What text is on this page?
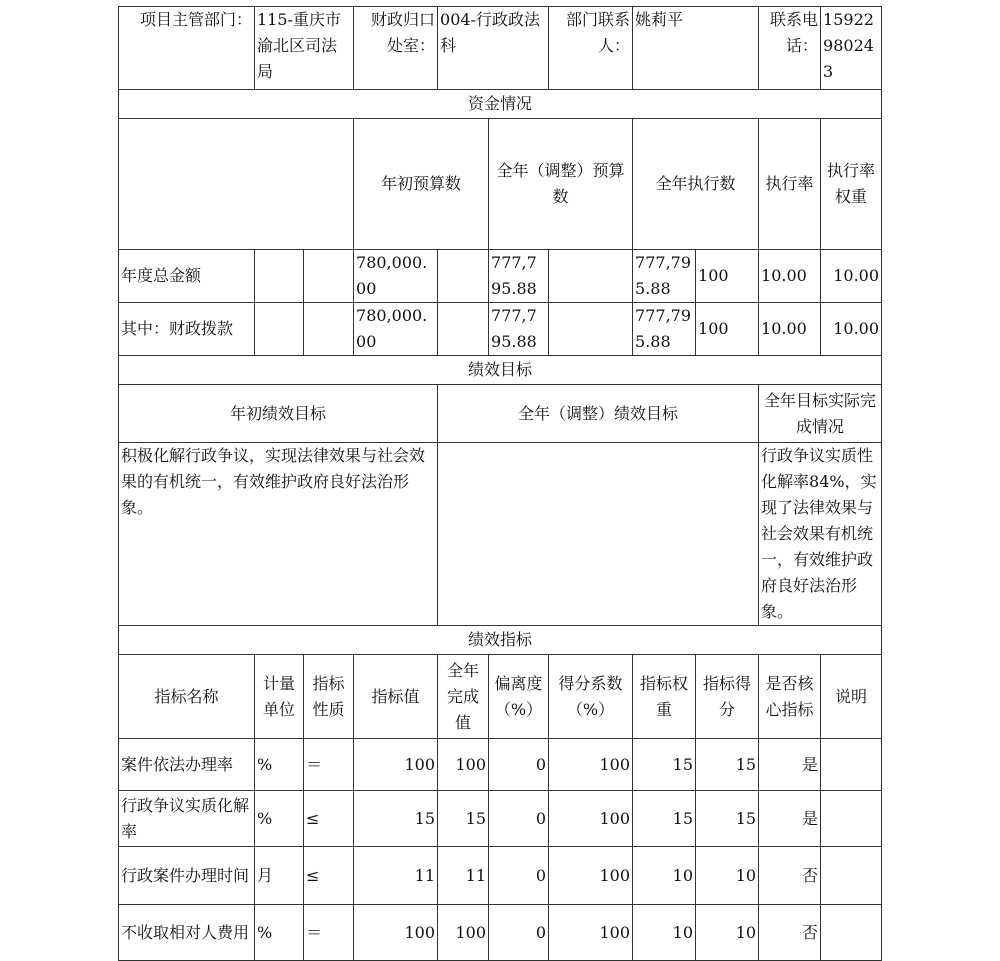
项目主管部门：	115-重庆市渝北区司法局		财政归口处室：	004-行政政法科		部门联系人：	姚莉平		联系电话：	15922980243	
资金情况											
			年初预算数		全年（调整）预算数		全年执行数		执行率	执行率权重	
年度总金额			780,000.00		777,795.88		777,795.88	100	10.00	10.00	
其中：财政拨款			780,000.00		777,795.88		777,795.88	100	10.00	10.00	
绩效目标											
年初绩效目标				全年（调整）绩效目标					全年目标实际完成情况		
积极化解行政争议，实现法律效果与社会效果的有机统一，有效维护政府良好法治形象。									行政争议实质性化解率84%，实现了法律效果与社会效果有机统一，有效维护政府良好法治形象。		
绩效指标											
指标名称	计量单位	指标性质	指标值	全年完成值	偏离度（%）	得分系数（%）	指标权重	指标得分	是否核心指标	说明	
案件依法办理率	%	＝	100	100	0	100	15	15	是		
行政争议实质化解率	%	≤	15	15	0	100	15	15	是		
行政案件办理时间	月	≤	11	11	0	100	10	10	否		
不收取相对人费用	%	＝	100	100	0	100	10	10	否		
